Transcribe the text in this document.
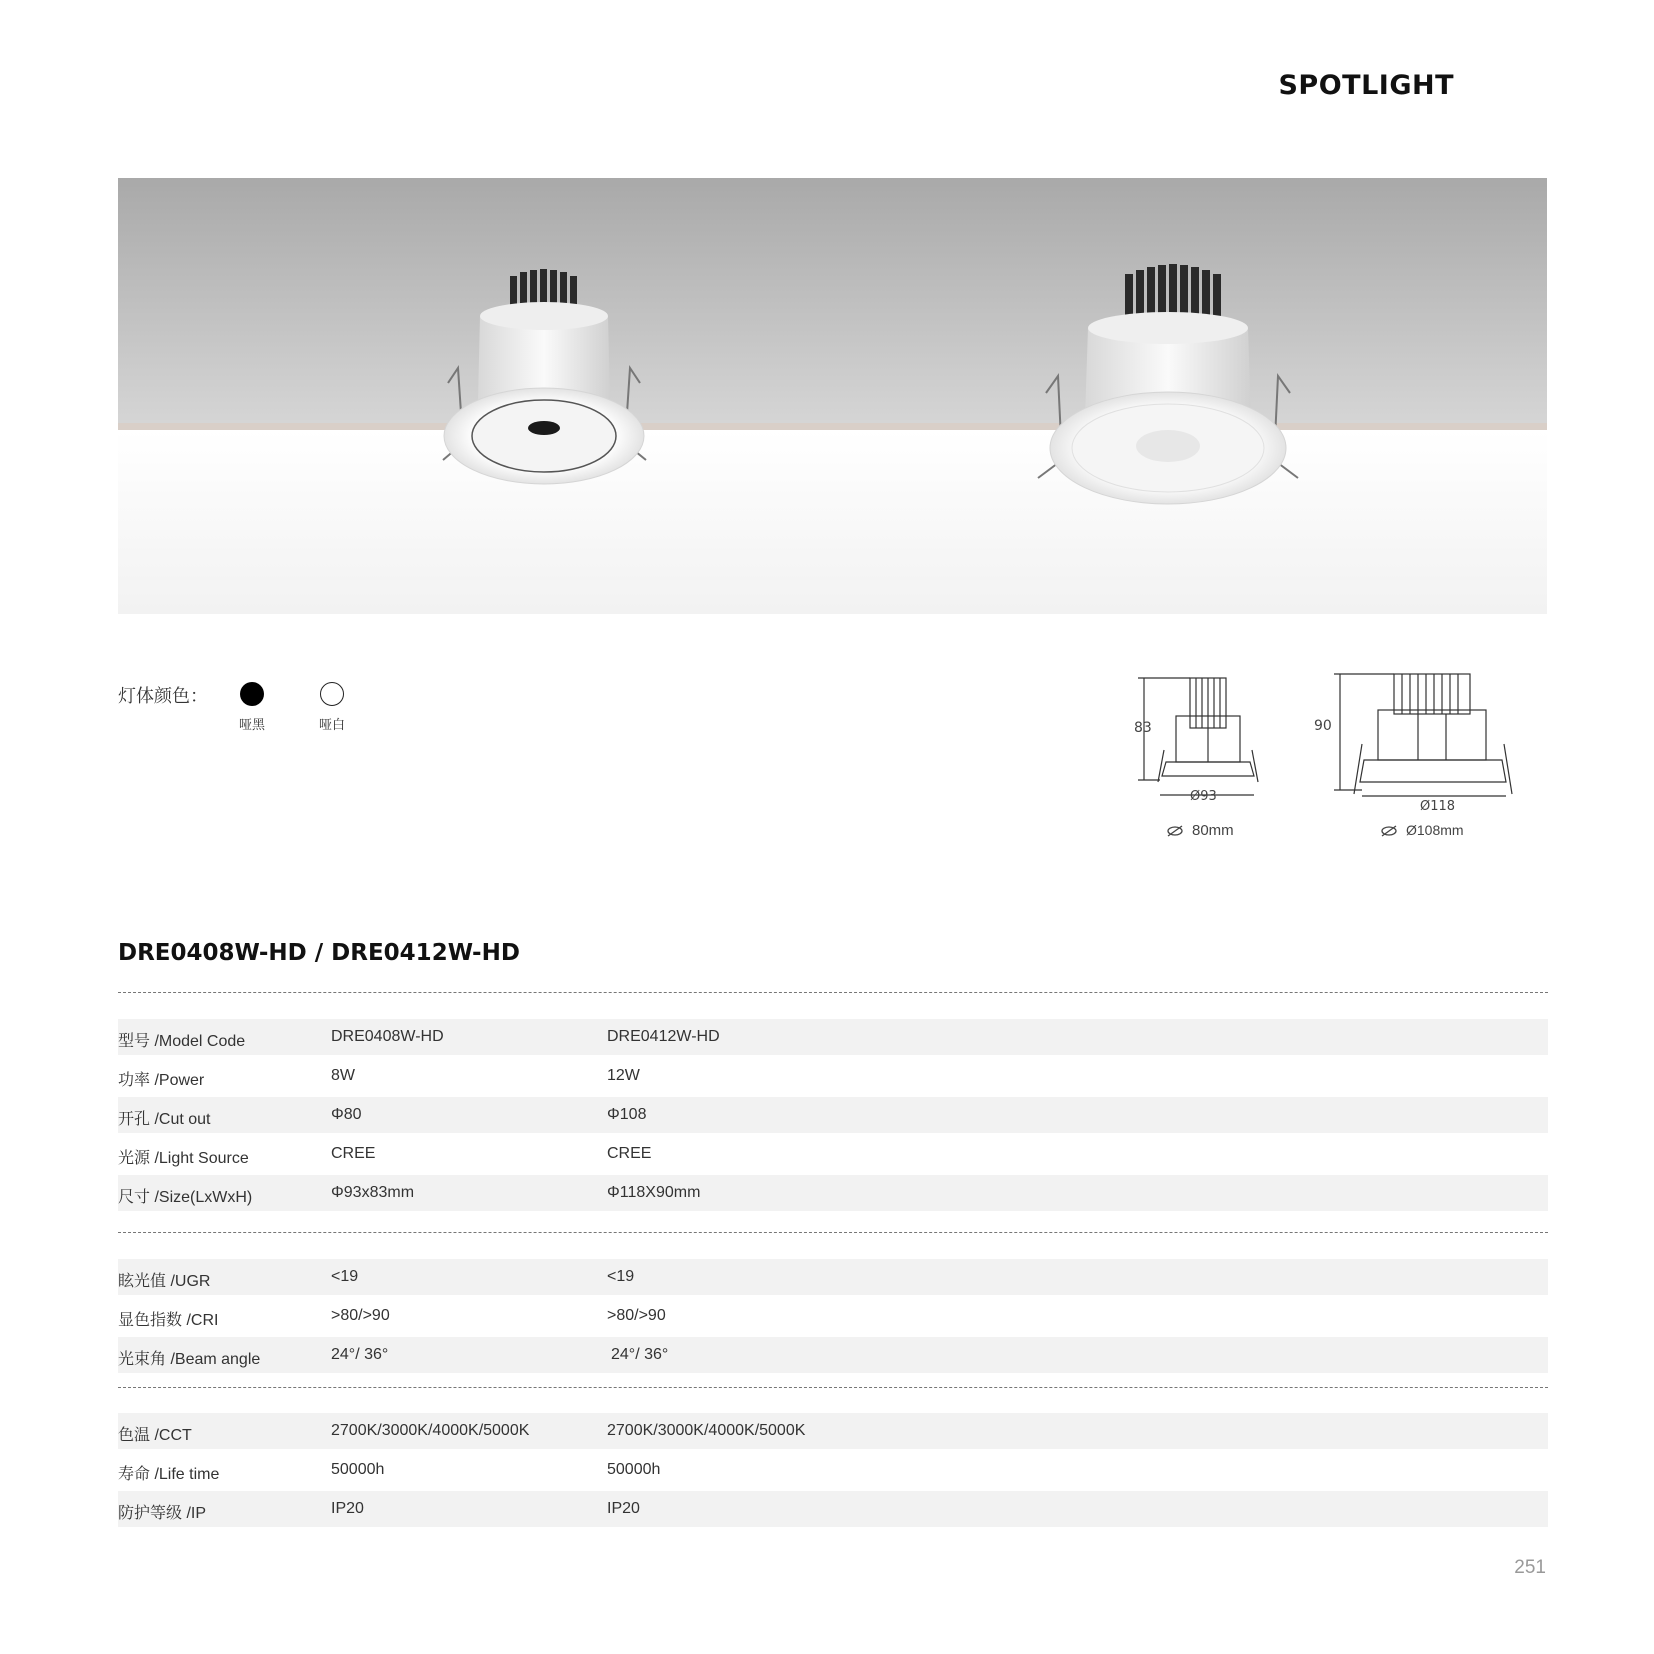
SPOTLIGHT
灯体颜色：
哑黑	哑白	83
Ø93
90
Ø118
80mm	Ø108mm
DRE0408W-HD / DRE0412W-HD
型号 /Model Code	DRE0408W-HD	DRE0412W-HD
功率 /Power	8W	12W
开孔 /Cut out	Φ80	Φ108
光源 /Light Source	CREE	CREE
尺寸 /Size(LxWxH)	Φ93x83mm	Φ118X90mm
眩光值 /UGR	<19	<19
显色指数 /CRI	>80/>90	>80/>90
光束角 /Beam angle	24°/ 36°	24°/ 36°
色温 /CCT	2700K/3000K/4000K/5000K	2700K/3000K/4000K/5000K
寿命 /Life time	50000h	50000h
防护等级 /IP	IP20	IP20
251
